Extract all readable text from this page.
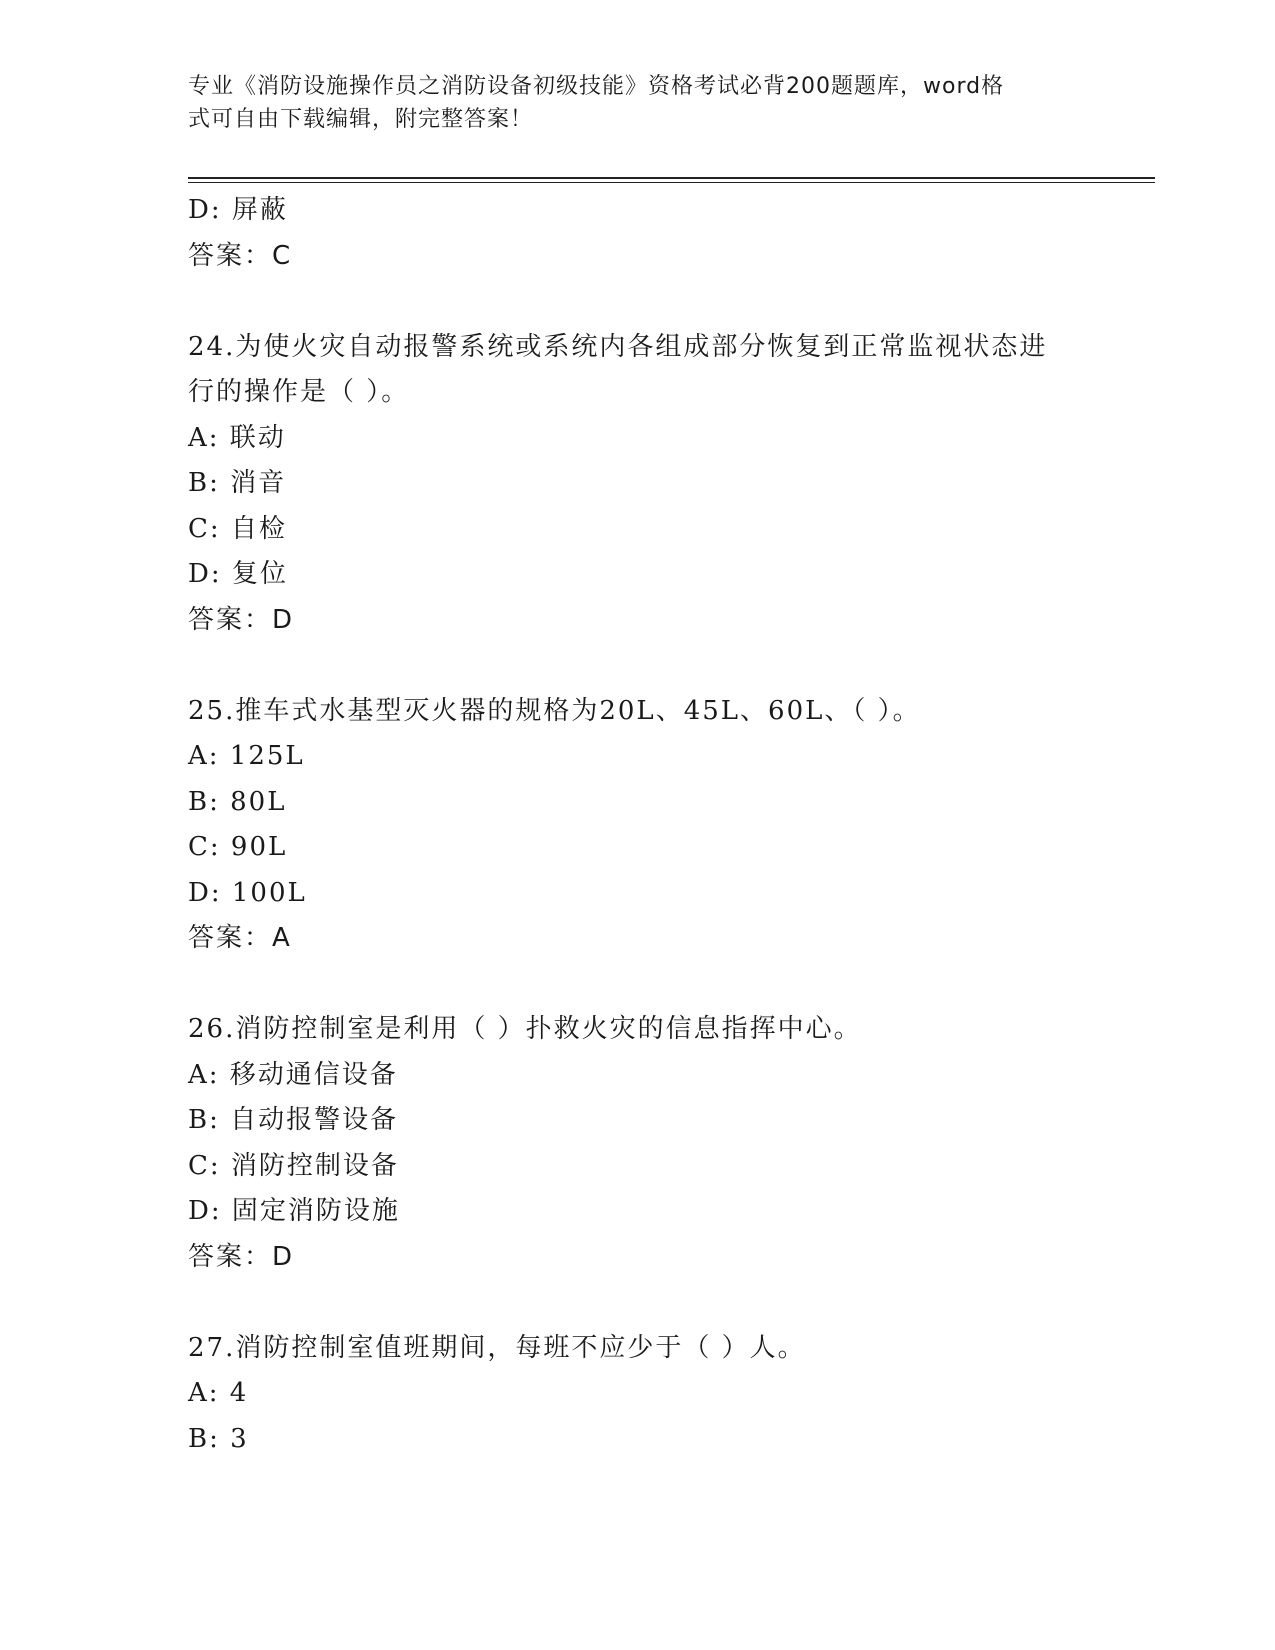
专业《消防设施操作员之消防设备初级技能》资格考试必背200题题库，word格
式可自由下载编辑，附完整答案！
D: 屏蔽
答案：C
24.为使火灾自动报警系统或系统内各组成部分恢复到正常监视状态进
行的操作是（ ）。
A: 联动
B: 消音
C: 自检
D: 复位
答案：D
25.推车式水基型灭火器的规格为20L、45L、60L、（ ）。
A: 125L
B: 80L
C: 90L
D: 100L
答案：A
26.消防控制室是利用（ ）扑救火灾的信息指挥中心。
A: 移动通信设备
B: 自动报警设备
C: 消防控制设备
D: 固定消防设施
答案：D
27.消防控制室值班期间，每班不应少于（ ）人。
A: 4
B: 3
